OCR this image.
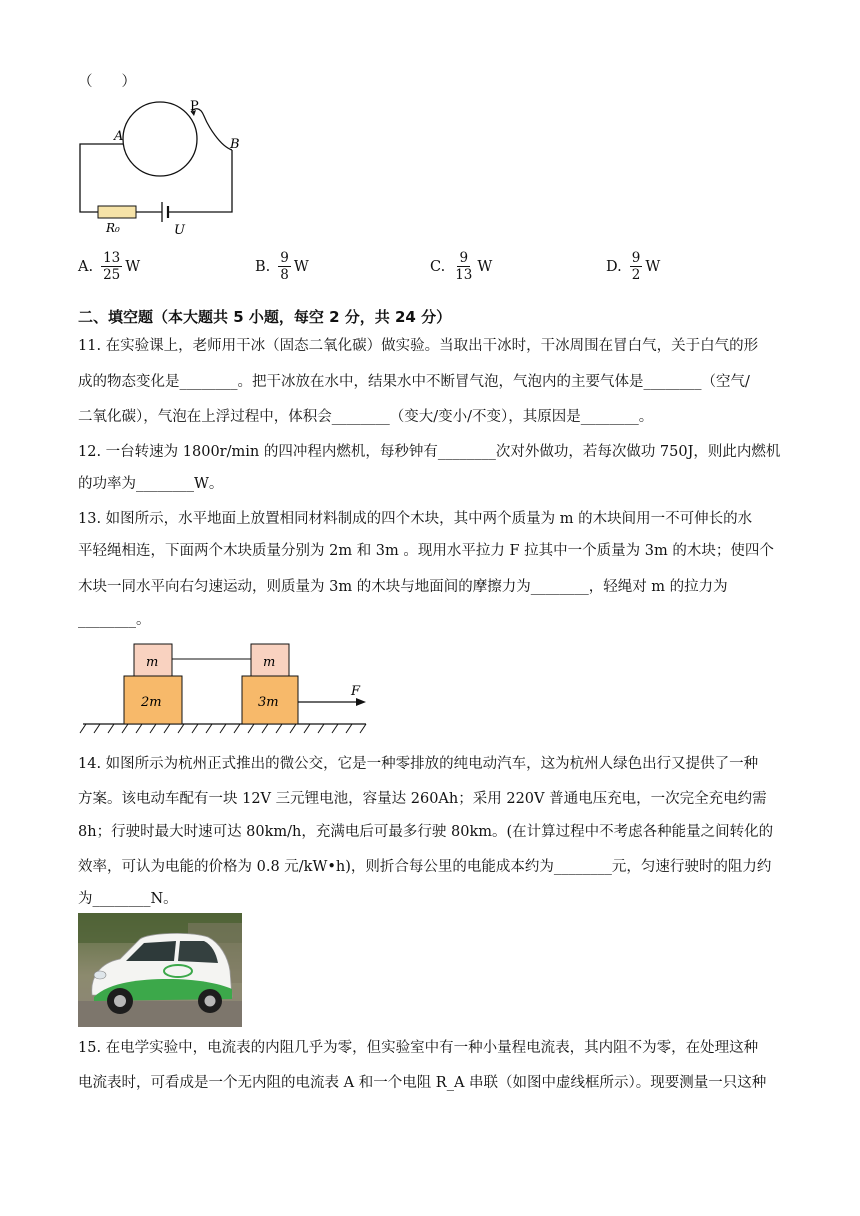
（　　）
P
A
B
R₀	U
A. $\frac{13}{25}$ W	B. $\frac{9}{8}$ W	C. $\frac{9}{13}$ W	D. $\frac{9}{2}$ W
二、填空题（本大题共 5 小题，每空 2 分，共 24 分）
11. 在实验课上，老师用干冰（固态二氧化碳）做实验。当取出干冰时，干冰周围在冒白气，关于白气的形
成的物态变化是________。把干冰放在水中，结果水中不断冒气泡，气泡内的主要气体是________（空气/
二氧化碳），气泡在上浮过程中，体积会________（变大/变小/不变），其原因是________。
12. 一台转速为 1800r/min 的四冲程内燃机，每秒钟有________次对外做功，若每次做功 750J，则此内燃机
的功率为________W。
13. 如图所示，水平地面上放置相同材料制成的四个木块，其中两个质量为 m 的木块间用一不可伸长的水
平轻绳相连，下面两个木块质量分别为 2m 和 3m 。现用水平拉力 F 拉其中一个质量为 3m 的木块；使四个
木块一同水平向右匀速运动，则质量为 3m 的木块与地面间的摩擦力为________，轻绳对 m 的拉力为
________。
m	m
2m	3m
F
14. 如图所示为杭州正式推出的微公交，它是一种零排放的纯电动汽车，这为杭州人绿色出行又提供了一种
方案。该电动车配有一块 12V 三元锂电池，容量达 260Ah；采用 220V 普通电压充电，一次完全充电约需
8h；行驶时最大时速可达 80km/h，充满电后可最多行驶 80km。(在计算过程中不考虑各种能量之间转化的
效率，可认为电能的价格为 0.8 元/kW•h)，则折合每公里的电能成本约为________元，匀速行驶时的阻力约
为________N。
15. 在电学实验中，电流表的内阻几乎为零，但实验室中有一种小量程电流表，其内阻不为零，在处理这种
电流表时，可看成是一个无内阻的电流表 A 和一个电阻 R_A 串联（如图中虚线框所示）。现要测量一只这种
